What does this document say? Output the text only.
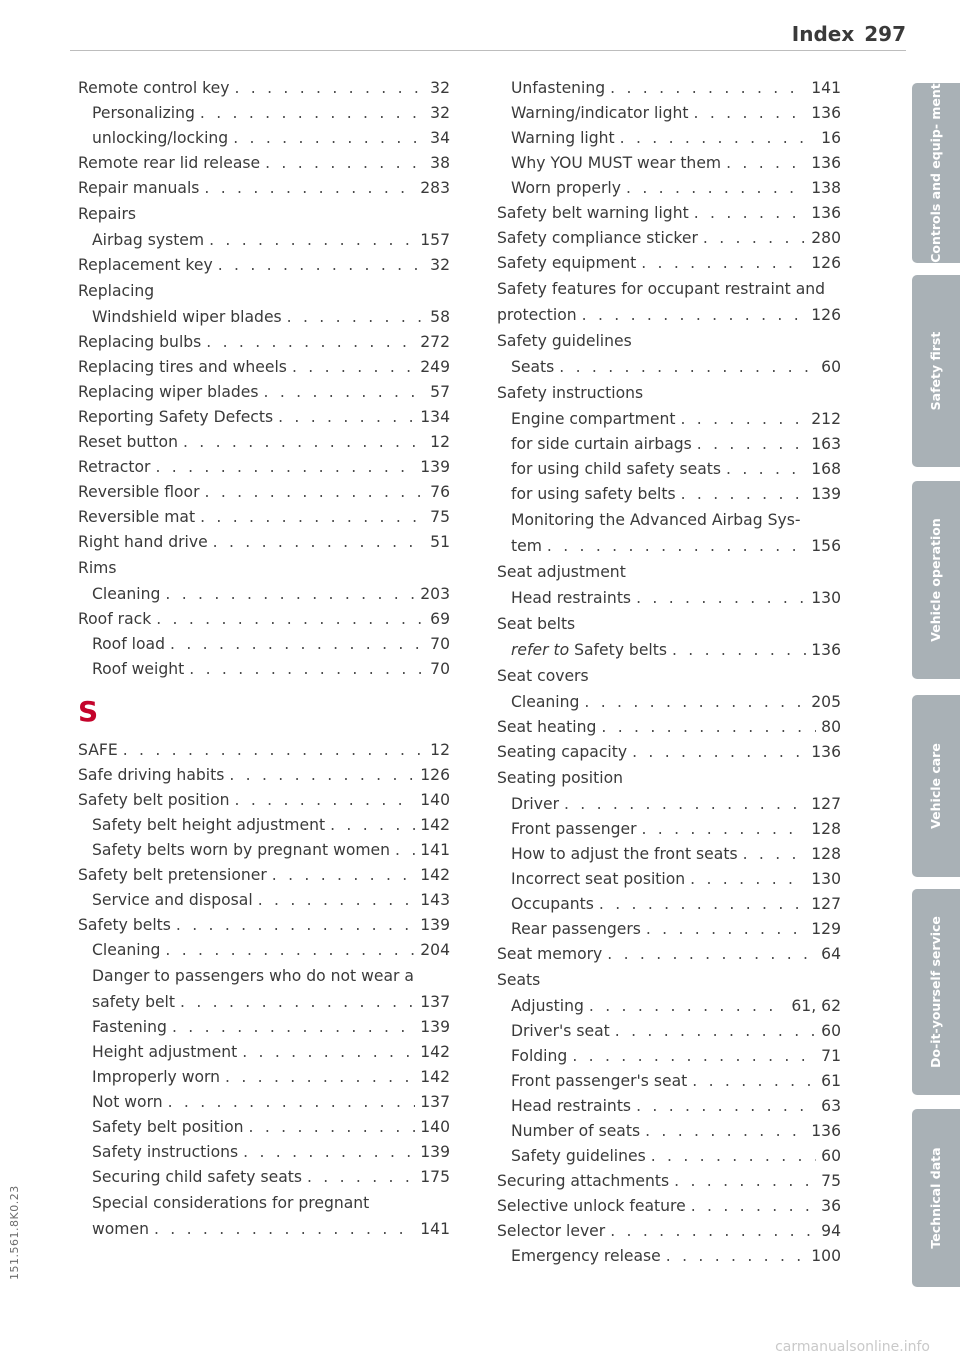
Index 297
Remote control key . . .	32
Personalizing . . .	32
unlocking/locking . . .	34
Remote rear lid release . . .	38
Repair manuals . . .	283
Repairs
Airbag system . . .	157
Replacement key . . .	32
Replacing
Windshield wiper blades . . .	58
Replacing bulbs . . .	272
Replacing tires and wheels . . .	249
Replacing wiper blades . . .	57
Reporting Safety Defects . . .	134
Reset button . . .	12
Retractor . . .	139
Reversible floor . . .	76
Reversible mat . . .	75
Right hand drive . . .	51
Rims
Cleaning . . .	203
Roof rack . . .	69
Roof load . . .	70
Roof weight . . .	70
S
SAFE . . .	12
Safe driving habits . . .	126
Safety belt position . . .	140
Safety belt height adjustment . . .	142
Safety belts worn by pregnant women . . . 141
Safety belt pretensioner . . .	142
Service and disposal . . .	143
Safety belts . . .	139
Cleaning . . .	204
Danger to passengers who do not wear a
safety belt . . .	137
Fastening . . .	139
Height adjustment . . .	142
Improperly worn . . .	142
Not worn . . .	137
Safety belt position . . .	140
Safety instructions . . .	139
Securing child safety seats . . .	175
Special considerations for pregnant
women . . .	141
Unfastening . . .	141
Warning/indicator light . . .	136
Warning light . . .	16
Why YOU MUST wear them . . .	136
Worn properly . . .	138
Safety belt warning light . . .	136
Safety compliance sticker . . .	280
Safety equipment . . .	126
Safety features for occupant restraint and
protection . . .	126
Safety guidelines
Seats . . .	60
Safety instructions
Engine compartment . . .	212
for side curtain airbags . . .	163
for using child safety seats . . .	168
for using safety belts . . .	139
Monitoring the Advanced Airbag Sys-
tem . . .	156
Seat adjustment
Head restraints . . .	130
Seat belts
refer to Safety belts . . .	136
Seat covers
Cleaning . . .	205
Seat heating . . .	80
Seating capacity . . .	136
Seating position
Driver . . .	127
Front passenger . . .	128
How to adjust the front seats . . .	128
Incorrect seat position . . .	130
Occupants . . .	127
Rear passengers . . .	129
Seat memory . . .	64
Seats
Adjusting . . .	61, 62
Driver's seat . . .	60
Folding . . .	71
Front passenger's seat . . .	61
Head restraints . . .	63
Number of seats . . .	136
Safety guidelines . . .	60
Securing attachments . . .	75
Selective unlock feature . . .	36
Selector lever . . .	94
Emergency release . . .	100
151.561.8K0.23
Controls and equip- ment
Safety first
Vehicle operation
Vehicle care
Do-it-yourself service
Technical data
carmanualsonline.info
